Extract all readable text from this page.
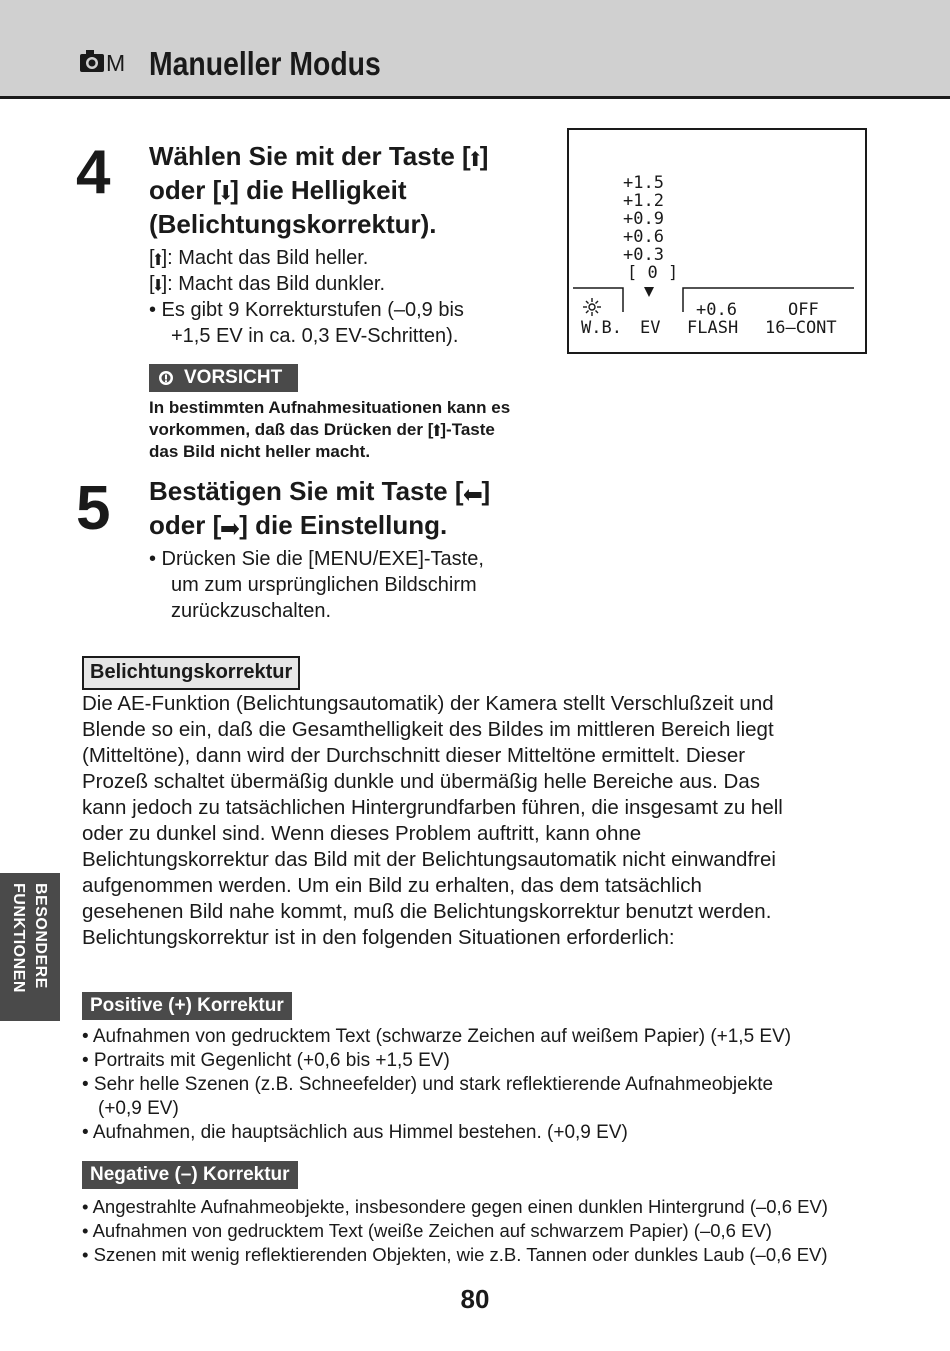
M Manueller Modus
4 Wählen Sie mit der Taste [ ]
oder [ ] die Helligkeit
(Belichtungskorrektur).
[ ]: Macht das Bild heller.
[ ]: Macht das Bild dunkler.
• Es gibt 9 Korrekturstufen (–0,9 bis
+1,5 EV in ca. 0,3 EV-Schritten).
VORSICHT
In bestimmten Aufnahmesituationen kann es
vorkommen, daß das Drücken der [ ]-Taste
das Bild nicht heller macht.
+1.5
+1.2
+0.9
+0.6
+0.3
[ 0 ]
+0.6	OFF
W.B. EV FLASH 16–CONT
5 Bestätigen Sie mit Taste [ ]
oder [ ] die Einstellung.
• Drücken Sie die [MENU/EXE]-Taste,
um zum ursprünglichen Bildschirm
zurückzuschalten.
Belichtungskorrektur
Die AE-Funktion (Belichtungsautomatik) der Kamera stellt Verschlußzeit und
Blende so ein, daß die Gesamthelligkeit des Bildes im mittleren Bereich liegt
(Mitteltöne), dann wird der Durchschnitt dieser Mitteltöne ermittelt. Dieser
Prozeß schaltet übermäßig dunkle und übermäßig helle Bereiche aus. Das
kann jedoch zu tatsächlichen Hintergrundfarben führen, die insgesamt zu hell
oder zu dunkel sind. Wenn dieses Problem auftritt, kann ohne
Belichtungskorrektur das Bild mit der Belichtungsautomatik nicht einwandfrei
aufgenommen werden. Um ein Bild zu erhalten, das dem tatsächlich
gesehenen Bild nahe kommt, muß die Belichtungskorrektur benutzt werden.
Belichtungskorrektur ist in den folgenden Situationen erforderlich:
Positive (+) Korrektur
• Aufnahmen von gedrucktem Text (schwarze Zeichen auf weißem Papier) (+1,5 EV)
• Portraits mit Gegenlicht (+0,6 bis +1,5 EV)
• Sehr helle Szenen (z.B. Schneefelder) und stark reflektierende Aufnahmeobjekte
(+0,9 EV)
• Aufnahmen, die hauptsächlich aus Himmel bestehen. (+0,9 EV)
Negative (–) Korrektur
• Angestrahlte Aufnahmeobjekte, insbesondere gegen einen dunklen Hintergrund (–0,6 EV)
• Aufnahmen von gedrucktem Text (weiße Zeichen auf schwarzem Papier) (–0,6 EV)
• Szenen mit wenig reflektierenden Objekten, wie z.B. Tannen oder dunkles Laub (–0,6 EV)
BESONDERE
FUNKTIONEN
80
